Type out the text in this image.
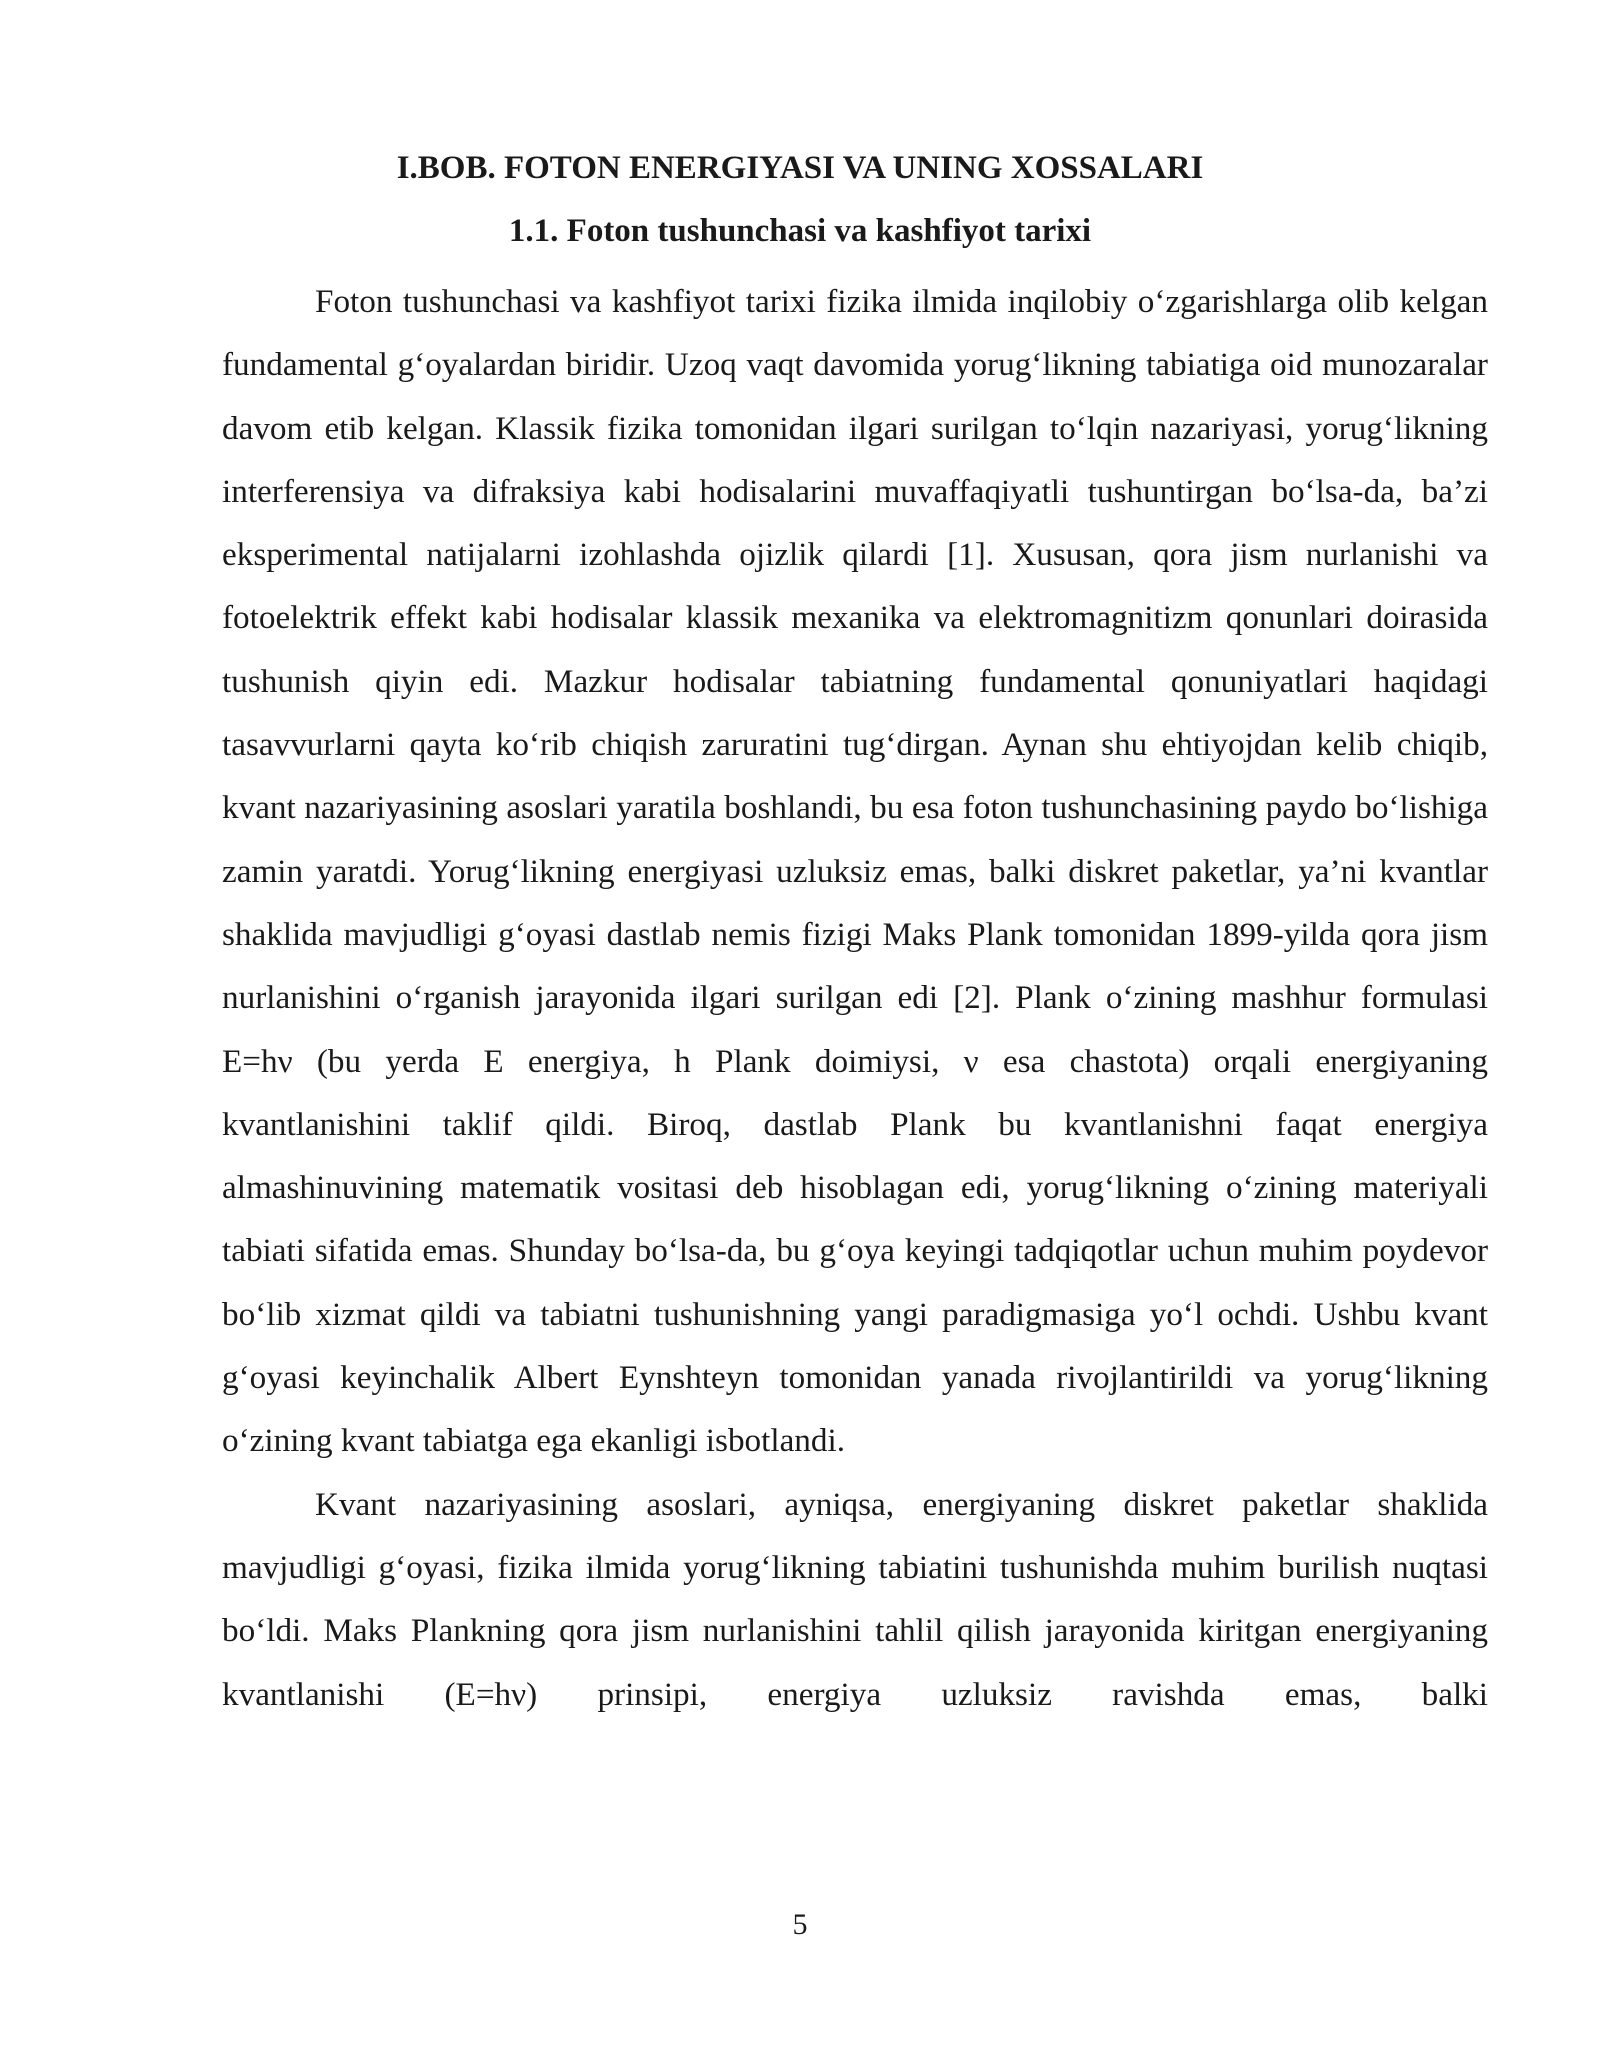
I.BOB. FOTON ENERGIYASI VA UNING XOSSALARI
1.1. Foton tushunchasi va kashfiyot tarixi

Foton tushunchasi va kashfiyot tarixi fizika ilmida inqilobiy o‘zgarishlarga olib kelgan fundamental g‘oyalardan biridir. Uzoq vaqt davomida yorug‘likning tabiatiga oid munozaralar davom etib kelgan. Klassik fizika tomonidan ilgari surilgan to‘lqin nazariyasi, yorug‘likning interferensiya va difraksiya kabi hodisalarini muvaffaqiyatli tushuntirgan bo‘lsa-da, ba’zi eksperimental natijalarni izohlashda ojizlik qilardi [1]. Xususan, qora jism nurlanishi va fotoelektrik effekt kabi hodisalar klassik mexanika va elektromagnitizm qonunlari doirasida tushunish qiyin edi. Mazkur hodisalar tabiatning fundamental qonuniyatlari haqidagi tasavvurlarni qayta ko‘rib chiqish zaruratini tug‘dirgan. Aynan shu ehtiyojdan kelib chiqib, kvant nazariyasining asoslari yaratila boshlandi, bu esa foton tushunchasining paydo bo‘lishiga zamin yaratdi. Yorug‘likning energiyasi uzluksiz emas, balki diskret paketlar, ya’ni kvantlar shaklida mavjudligi g‘oyasi dastlab nemis fizigi Maks Plank tomonidan 1899-yilda qora jism nurlanishini o‘rganish jarayonida ilgari surilgan edi [2]. Plank o‘zining mashhur formulasi E=hν (bu yerda E energiya, h Plank doimiysi, ν esa chastota) orqali energiyaning kvantlanishini taklif qildi. Biroq, dastlab Plank bu kvantlanishni faqat energiya almashinuvining matematik vositasi deb hisoblagan edi, yorug‘likning o‘zining materiyali tabiati sifatida emas. Shunday bo‘lsa-da, bu g‘oya keyingi tadqiqotlar uchun muhim poydevor bo‘lib xizmat qildi va tabiatni tushunishning yangi paradigmasiga yo‘l ochdi. Ushbu kvant g‘oyasi keyinchalik Albert Eynshteyn tomonidan yanada rivojlantirildi va yorug‘likning o‘zining kvant tabiatga ega ekanligi isbotlandi.

Kvant nazariyasining asoslari, ayniqsa, energiyaning diskret paketlar shaklida mavjudligi g‘oyasi, fizika ilmida yorug‘likning tabiatini tushunishda muhim burilish nuqtasi bo‘ldi. Maks Plankning qora jism nurlanishini tahlil qilish jarayonida kiritgan energiyaning kvantlanishi (E=hν) prinsipi, energiya uzluksiz ravishda emas, balki

5
